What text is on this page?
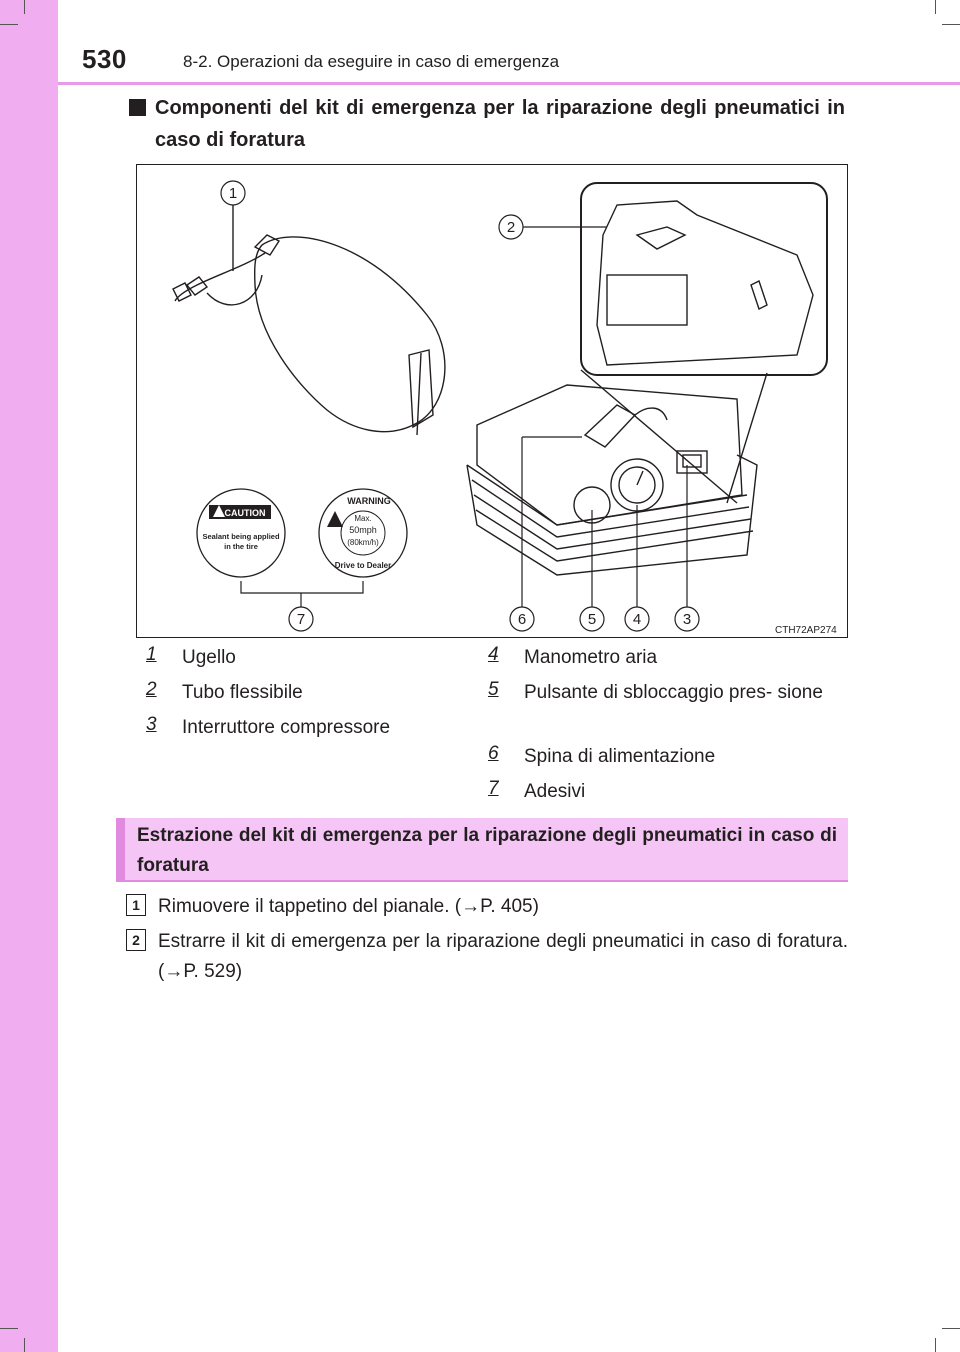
530	8-2. Operazioni da eseguire in caso di emergenza
Componenti del kit di emergenza per la riparazione degli pneumatici in caso di foratura
1
2
3
4
5
6
7
CAUTION
Sealant being applied
in the tire
WARNING
Max.
50mph
(80km/h)
Drive to Dealer
CTH72AP274
1 Ugello
2 Tubo flessibile
3 Interruttore compressore
4 Manometro aria
5 Pulsante di sbloccaggio pres- sione
6 Spina di alimentazione
7 Adesivi
Estrazione del kit di emergenza per la riparazione degli pneumatici in caso di foratura
1 Rimuovere il tappetino del pianale. (→P. 405)
2 Estrarre il kit di emergenza per la riparazione degli pneumatici in caso di foratura. (→P. 529)
